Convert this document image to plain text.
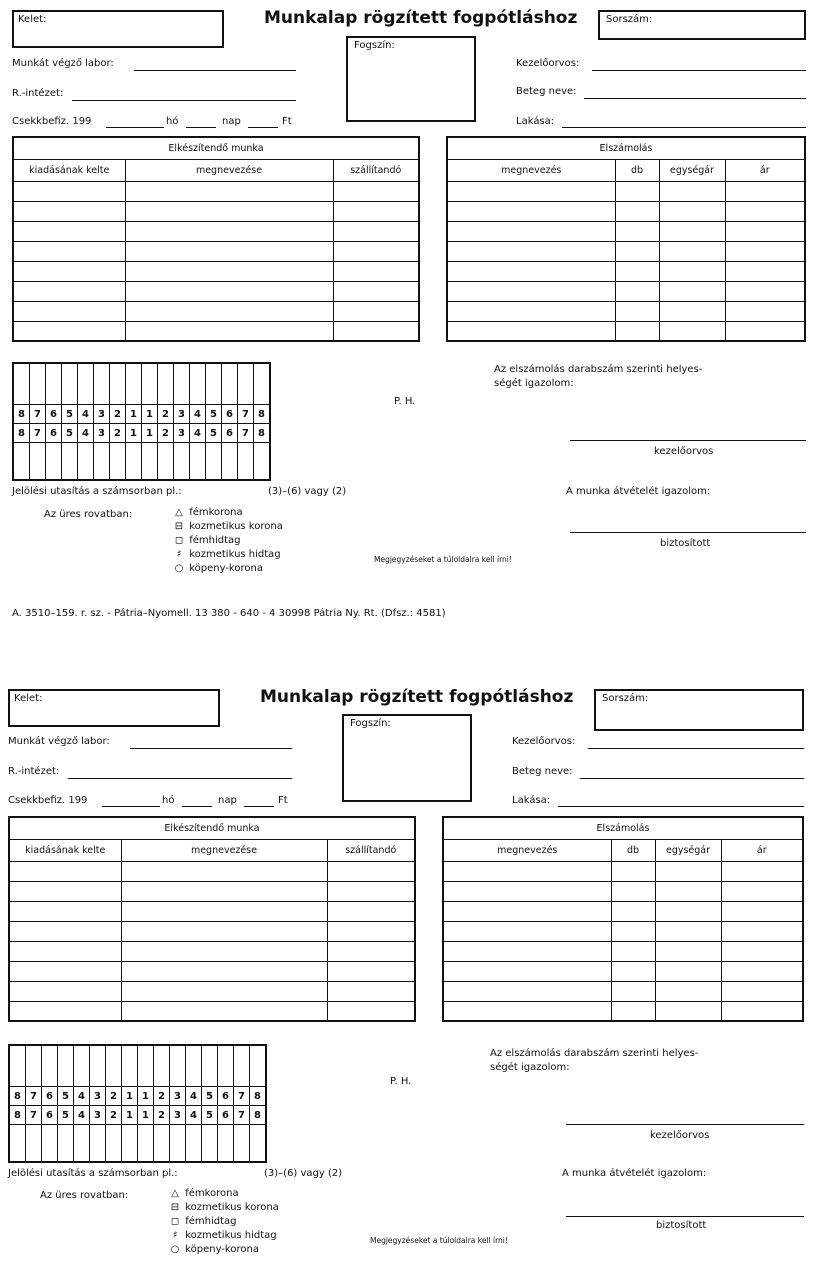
Kelet:	Munkalap rögzített fogpótláshoz	Sorszám:
Fogszín:
Munkát végző labor:
R.-intézet:
Csekkbefiz. 199	hó	nap	Ft
Kezelőorvos:
Beteg neve:
Lakása:
Elkészítendő munka		
kiadásának kelte	megnevezése	szállítandó

Elszámolás			
megnevezés	db	egységár	ár

8	7	6	5	4	3	2	1	1	2	3	4	5	6	7	8
8	7	6	5	4	3	2	1	1	2	3	4	5	6	7	8

P. H.
Az elszámolás darabszám szerinti helyes-
ségét igazolom:
kezelőorvos
A munka átvételét igazolom:
biztosított
Jelölési utasítás a számsorban pl.:	(3)–(6) vagy (2)
Az üres rovatban:	△ fémkorona
⊟ kozmetikus korona
◻ fémhidtag
♯ kozmetikus hidtag
○ köpeny-korona
Megjegyzéseket a túloldalra kell írni!
A. 3510–159. r. sz. - Pátria–Nyomell. 13 380 - 640 - 4 30998 Pátria Ny. Rt. (Dfsz.: 4581)
Kelet:	Munkalap rögzített fogpótláshoz	Sorszám:
Fogszín:
Munkát végző labor:
R.-intézet:
Csekkbefiz. 199	hó	nap	Ft
Kezelőorvos:
Beteg neve:
Lakása:
Elkészítendő munka		
kiadásának kelte	megnevezése	szállítandó

Elszámolás			
megnevezés	db	egységár	ár

8	7	6	5	4	3	2	1	1	2	3	4	5	6	7	8
8	7	6	5	4	3	2	1	1	2	3	4	5	6	7	8

P. H.
Az elszámolás darabszám szerinti helyes-
ségét igazolom:
kezelőorvos
A munka átvételét igazolom:
biztosított
Jelölési utasítás a számsorban pl.:	(3)–(6) vagy (2)
Az üres rovatban:	△ fémkorona
⊟ kozmetikus korona
◻ fémhidtag
♯ kozmetikus hidtag
○ köpeny-korona
Megjegyzéseket a túloldalra kell írni!
